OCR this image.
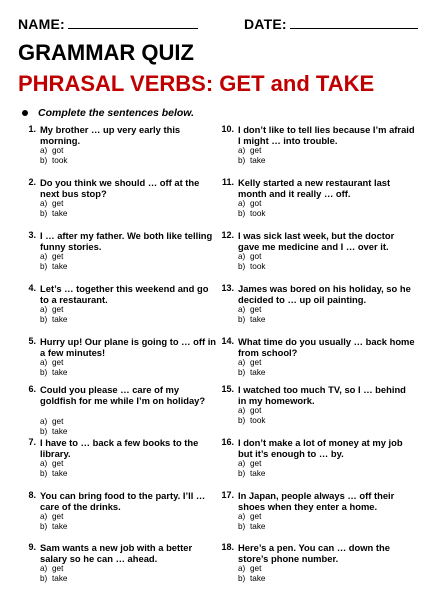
NAME:	DATE:
GRAMMAR QUIZ
PHRASAL VERBS: GET and TAKE
Complete the sentences below.
1. My brother … up very early this morning.
a) got
b) took
2. Do you think we should … off at the next bus stop?
a) get
b) take
3. I … after my father. We both like telling funny stories.
a) get
b) take
4. Let’s … together this weekend and go to a restaurant.
a) get
b) take
5. Hurry up! Our plane is going to … off in a few minutes!
a) get
b) take
6. Could you please … care of my goldfish for me while I’m on holiday?
a) get
b) take
7. I have to … back a few books to the library.
a) get
b) take
8. You can bring food to the party. I’ll … care of the drinks.
a) get
b) take
9. Sam wants a new job with a better salary so he can … ahead.
a) get
b) take
10. I don’t like to tell lies because I’m afraid I might … into trouble.
a) get
b) take
11. Kelly started a new restaurant last month and it really … off.
a) got
b) took
12. I was sick last week, but the doctor gave me medicine and I … over it.
a) got
b) took
13. James was bored on his holiday, so he decided to … up oil painting.
a) get
b) take
14. What time do you usually … back home from school?
a) get
b) take
15. I watched too much TV, so I … behind in my homework.
a) got
b) took
16. I don’t make a lot of money at my job but it’s enough to … by.
a) get
b) take
17. In Japan, people always … off their shoes when they enter a home.
a) get
b) take
18. Here’s a pen. You can … down the store’s phone number.
a) get
b) take
